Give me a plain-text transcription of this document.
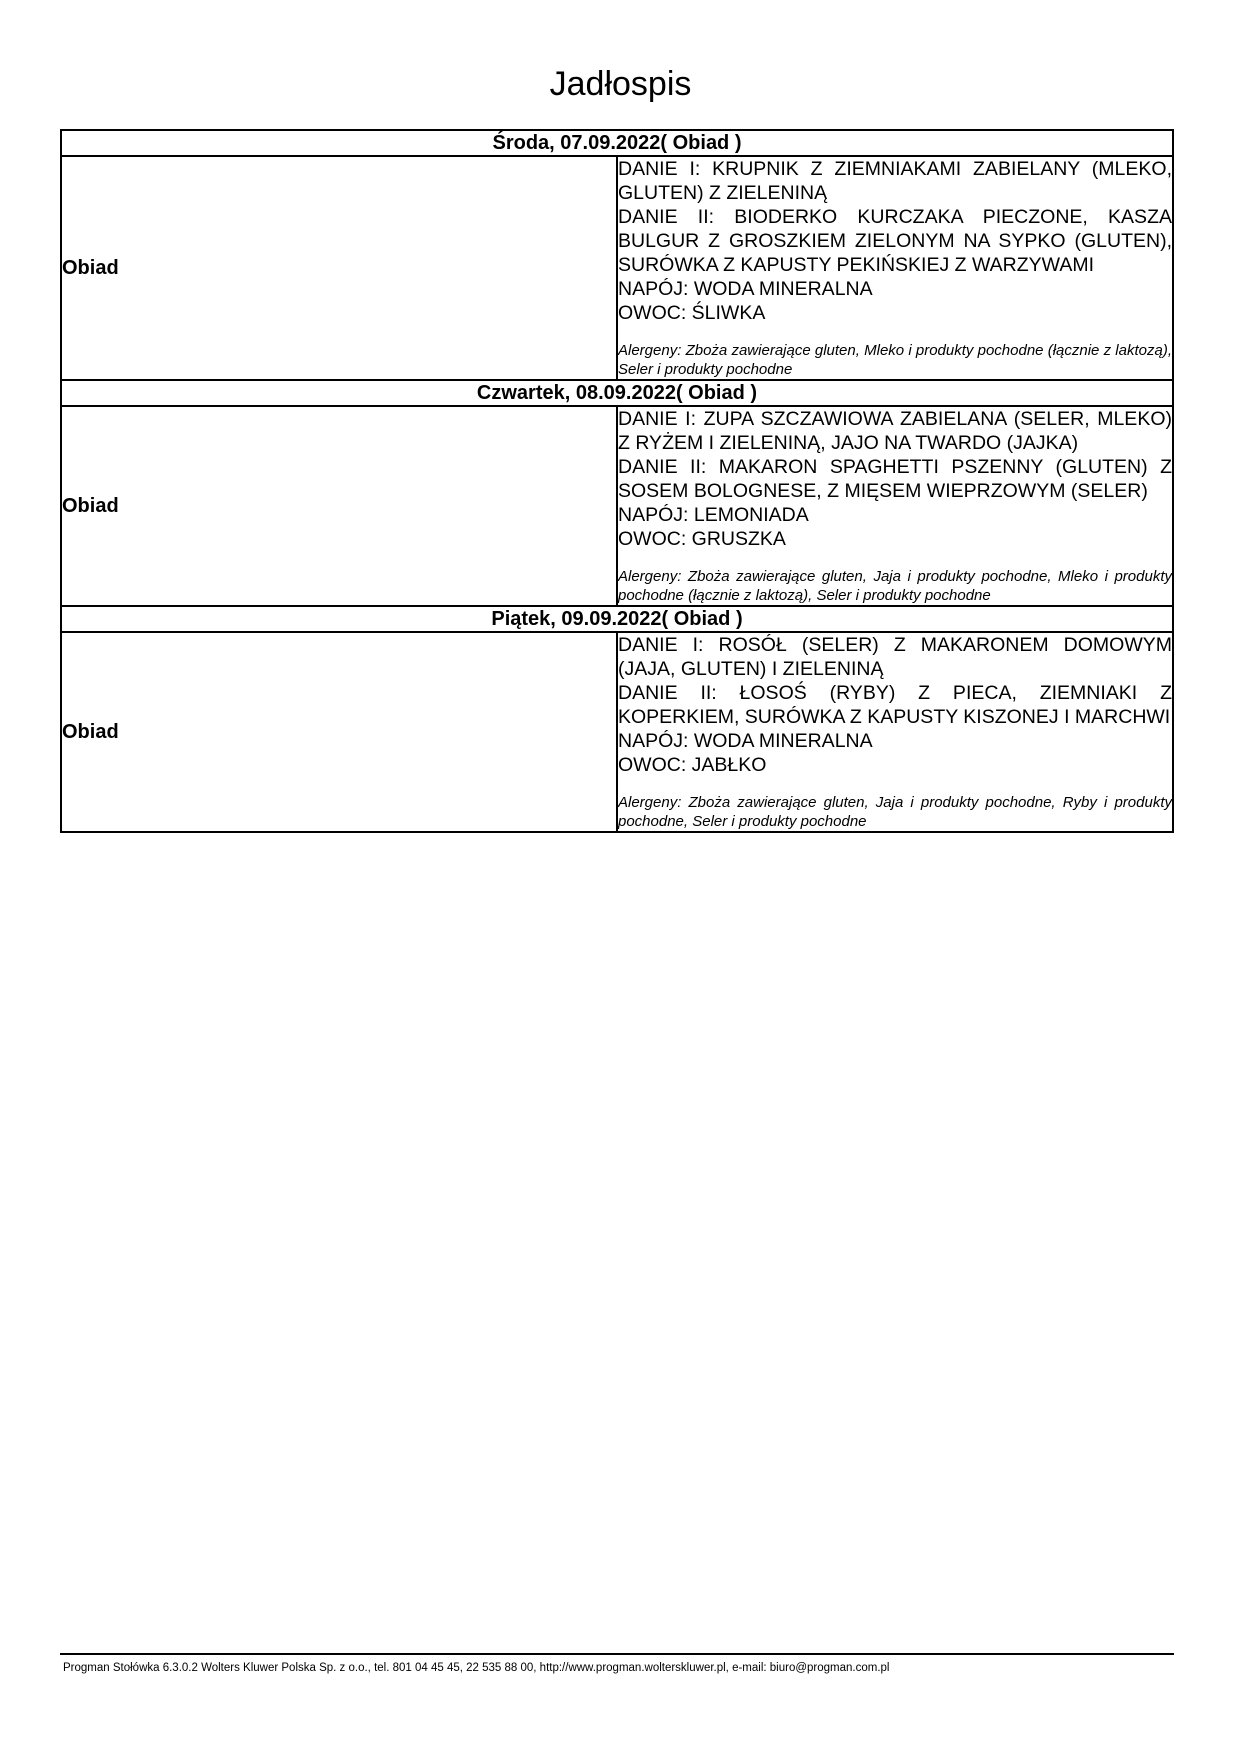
Jadłospis
Środa, 07.09.2022( Obiad )	
Obiad	DANIE I: KRUPNIK Z ZIEMNIAKAMI ZABIELANY (MLEKO, GLUTEN) Z ZIELENINĄ
DANIE II: BIODERKO KURCZAKA PIECZONE, KASZA BULGUR Z GROSZKIEM ZIELONYM NA SYPKO (GLUTEN), SURÓWKA Z KAPUSTY PEKIŃSKIEJ Z WARZYWAMI
NAPÓJ: WODA MINERALNA
OWOC: ŚLIWKA
Alergeny: Zboża zawierające gluten, Mleko i produkty pochodne (łącznie z laktozą), Seler i produkty pochodne

Czwartek, 08.09.2022( Obiad )	
Obiad	DANIE I: ZUPA SZCZAWIOWA ZABIELANA (SELER, MLEKO) Z RYŻEM I ZIELENINĄ, JAJO NA TWARDO (JAJKA)
DANIE II: MAKARON SPAGHETTI PSZENNY (GLUTEN) Z SOSEM BOLOGNESE, Z MIĘSEM WIEPRZOWYM (SELER)
NAPÓJ: LEMONIADA
OWOC: GRUSZKA
Alergeny: Zboża zawierające gluten, Jaja i produkty pochodne, Mleko i produkty pochodne (łącznie z laktozą), Seler i produkty pochodne

Piątek, 09.09.2022( Obiad )	
Obiad	DANIE I: ROSÓŁ (SELER) Z MAKARONEM DOMOWYM (JAJA, GLUTEN) I ZIELENINĄ
DANIE II: ŁOSOŚ (RYBY) Z PIECA, ZIEMNIAKI Z KOPERKIEM, SURÓWKA Z KAPUSTY KISZONEJ I MARCHWI
NAPÓJ: WODA MINERALNA
OWOC: JABŁKO
Alergeny: Zboża zawierające gluten, Jaja i produkty pochodne, Ryby i produkty pochodne, Seler i produkty pochodne
Progman Stołówka 6.3.0.2 Wolters Kluwer Polska Sp. z o.o., tel. 801 04 45 45, 22 535 88 00, http://www.progman.wolterskluwer.pl, e-mail: biuro@progman.com.pl
